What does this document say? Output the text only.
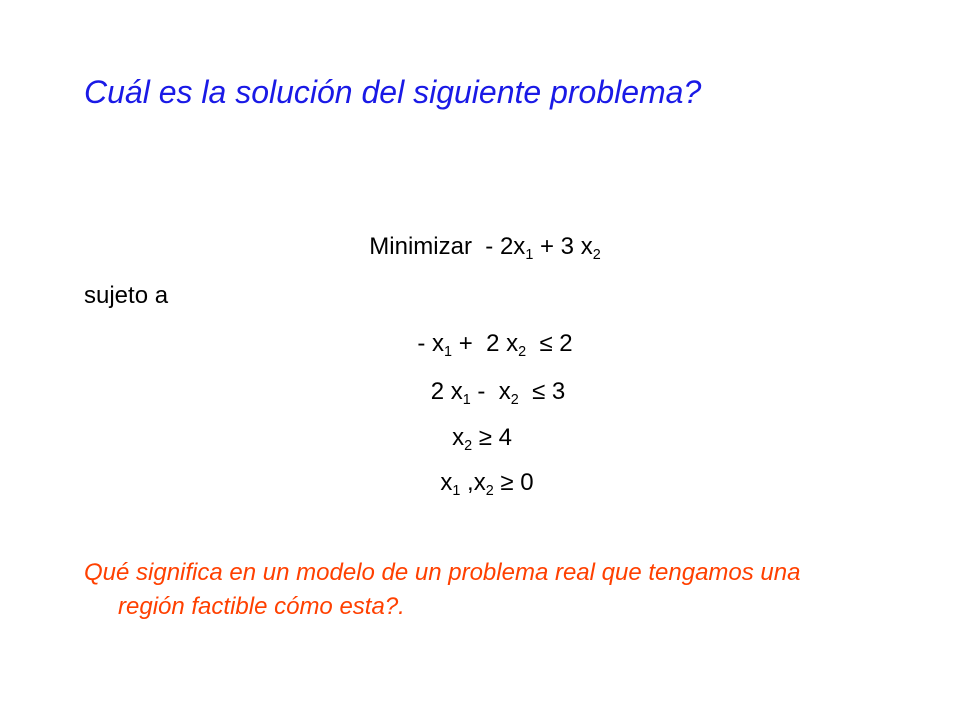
Cuál es la solución del siguiente problema?
Minimizar - $2x_1 + 3$ $x_2$
sujeto a
- $x_1 + 2$ $x_2 \le 2$
2 $x_1 - x_2 \le 3$
$x_2 \ge 4$
$x_1$ $,x_2 \ge 0$
Qué significa en un modelo de un problema real que tengamos una región factible cómo esta?.
